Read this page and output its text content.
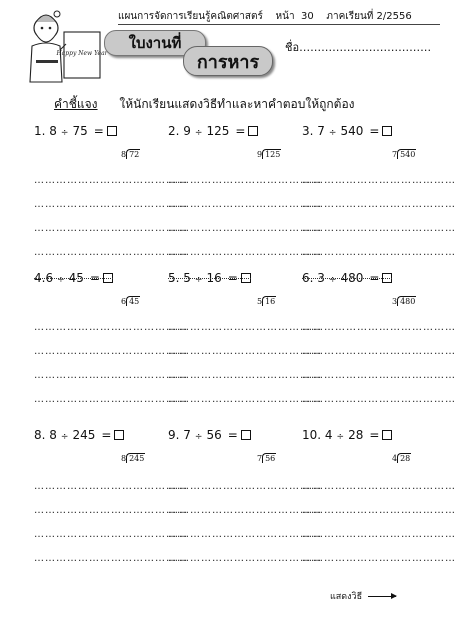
แผนการจัดการเรียนรู้คณิตศาสตร์ หน้า 30 ภาคเรียนที่ 2/2556
Happy New Year
ใบงานที่
การหาร
ชื่อ………………………………
คำชี้แจง ให้นักเรียนแสดงวิธีทำและหาคำตอบให้ถูกต้อง
1. 8 ÷ 75 =
8 72
……………………………………
……………………………………
……………………………………
……………………………………
2. 9 ÷ 125 =
9 125
……………………………………
……………………………………
……………………………………
……………………………………
3. 7 ÷ 540 =
7 540
……………………………………
……………………………………
……………………………………
……………………………………
4.6 ÷ 45 =
6 45
……………………………………
……………………………………
……………………………………
……………………………………
5. 5 ÷ 16 =
5 16
……………………………………
……………………………………
……………………………………
……………………………………
6. 3 ÷ 480 =
3 480
……………………………………
……………………………………
……………………………………
……………………………………
8. 8 ÷ 245 =
8 245
……………………………………
……………………………………
……………………………………
……………………………………
9. 7 ÷ 56 =
7 56
……………………………………
……………………………………
……………………………………
……………………………………
10. 4 ÷ 28 =
4 28
……………………………………
……………………………………
……………………………………
……………………………………
แสดงวิธี
